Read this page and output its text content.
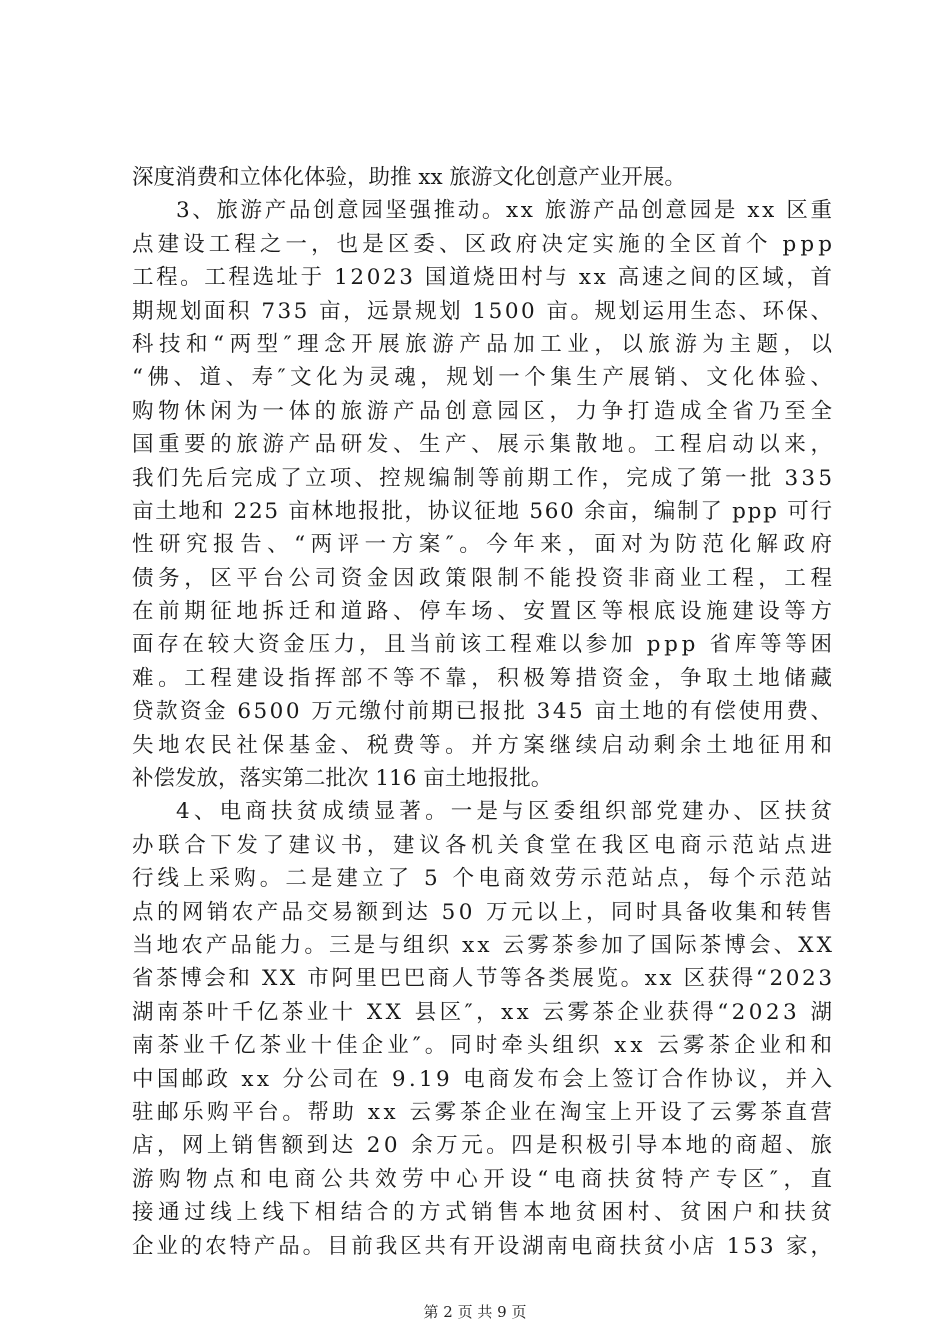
深度消费和立体化体验，助推 xx 旅游文化创意产业开展。
3、旅游产品创意园坚强推动。xx 旅游产品创意园是 xx 区重
点建设工程之一，也是区委、区政府决定实施的全区首个 ppp
工程。工程选址于 12023 国道烧田村与 xx 高速之间的区域，首
期规划面积 735 亩，远景规划 1500 亩。规划运用生态、环保、
科技和“两型″理念开展旅游产品加工业，以旅游为主题，以
“佛、道、寿″文化为灵魂，规划一个集生产展销、文化体验、
购物休闲为一体的旅游产品创意园区，力争打造成全省乃至全
国重要的旅游产品研发、生产、展示集散地。工程启动以来，
我们先后完成了立项、控规编制等前期工作，完成了第一批 335
亩土地和 225 亩林地报批，协议征地 560 余亩，编制了 ppp 可行
性研究报告、“两评一方案″。今年来，面对为防范化解政府
债务，区平台公司资金因政策限制不能投资非商业工程，工程
在前期征地拆迁和道路、停车场、安置区等根底设施建设等方
面存在较大资金压力，且当前该工程难以参加 ppp 省库等等困
难。工程建设指挥部不等不靠，积极筹措资金，争取土地储藏
贷款资金 6500 万元缴付前期已报批 345 亩土地的有偿使用费、
失地农民社保基金、税费等。并方案继续启动剩余土地征用和
补偿发放，落实第二批次 116 亩土地报批。
4、电商扶贫成绩显著。一是与区委组织部党建办、区扶贫
办联合下发了建议书，建议各机关食堂在我区电商示范站点进
行线上采购。二是建立了 5 个电商效劳示范站点，每个示范站
点的网销农产品交易额到达 50 万元以上，同时具备收集和转售
当地农产品能力。三是与组织 xx 云雾茶参加了国际茶博会、XX
省茶博会和 XX 市阿里巴巴商人节等各类展览。xx 区获得“2023
湖南茶叶千亿茶业十 XX 县区″，xx 云雾茶企业获得“2023 湖
南茶业千亿茶业十佳企业″。同时牵头组织 xx 云雾茶企业和和
中国邮政 xx 分公司在 9.19 电商发布会上签订合作协议，并入
驻邮乐购平台。帮助 xx 云雾茶企业在淘宝上开设了云雾茶直营
店，网上销售额到达 20 余万元。四是积极引导本地的商超、旅
游购物点和电商公共效劳中心开设“电商扶贫特产专区″，直
接通过线上线下相结合的方式销售本地贫困村、贫困户和扶贫
企业的农特产品。目前我区共有开设湖南电商扶贫小店 153 家，
第 2 页 共 9 页
